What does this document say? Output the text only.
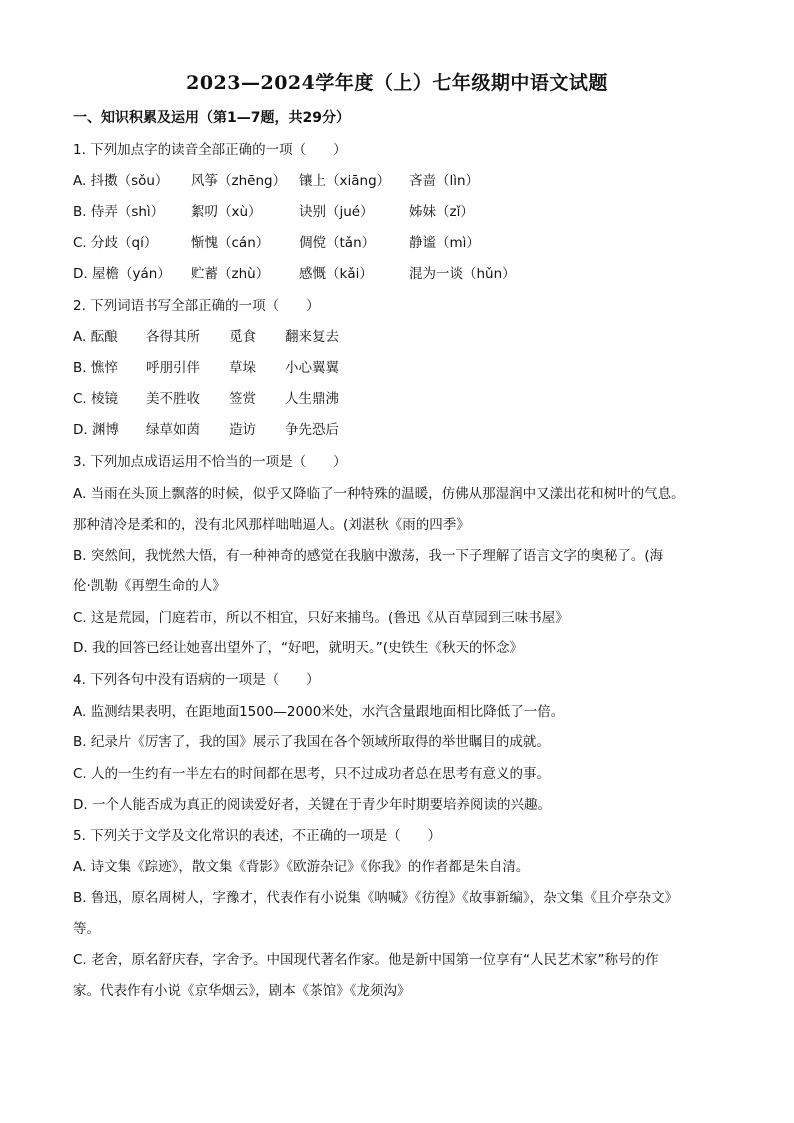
2023—2024学年度（上）七年级期中语文试题
一、知识积累及运用（第1—7题，共29分）
1. 下列加点字的读音全部正确的一项（　　）
A. 抖擞（sǒu） 风筝（zhēng） 镶上（xiāng） 吝啬（lìn）
B. 侍弄（shì） 絮叨（xù）	诀别（jué）	姊妹（zǐ）
C. 分歧（qí） 惭愧（cán） 倜傥（tǎn）	静谧（mì）
D. 屋檐（yán） 贮蓄（zhù） 感慨（kǎi）	混为一谈（hǔn）
2. 下列词语书写全部正确的一项（　　）
A. 酝酿 各得其所 觅食 翻来复去
B. 憔悴 呼朋引伴 草垛 小心翼翼
C. 棱镜 美不胜收 签赏 人生鼎沸
D. 渊博 绿草如茵 造访 争先恐后
3. 下列加点成语运用不恰当的一项是（　　）
A. 当雨在头顶上飘落的时候，似乎又降临了一种特殊的温暖，仿佛从那湿润中又漾出花和树叶的气息。
那种清冷是柔和的，没有北风那样咄咄逼人。(刘湛秋《雨的四季》
B. 突然间，我恍然大悟，有一种神奇的感觉在我脑中激荡，我一下子理解了语言文字的奥秘了。(海
伦·凯勒《再塑生命的人》
C. 这是荒园，门庭若市，所以不相宜，只好来捕鸟。(鲁迅《从百草园到三味书屋》
D. 我的回答已经让她喜出望外了，“好吧，就明天。”(史铁生《秋天的怀念》
4. 下列各句中没有语病的一项是（　　）
A. 监测结果表明，在距地面1500—2000米处，水汽含量跟地面相比降低了一倍。
B. 纪录片《厉害了，我的国》展示了我国在各个领域所取得的举世瞩目的成就。
C. 人的一生约有一半左右的时间都在思考，只不过成功者总在思考有意义的事。
D. 一个人能否成为真正的阅读爱好者，关键在于青少年时期要培养阅读的兴趣。
5. 下列关于文学及文化常识的表述，不正确的一项是（　　）
A. 诗文集《踪迹》，散文集《背影》《欧游杂记》《你我》的作者都是朱自清。
B. 鲁迅，原名周树人，字豫才，代表作有小说集《呐喊》《彷徨》《故事新编》，杂文集《且介亭杂文》
等。
C. 老舍，原名舒庆春，字舍予。中国现代著名作家。他是新中国第一位享有“人民艺术家”称号的作
家。代表作有小说《京华烟云》，剧本《茶馆》《龙须沟》
